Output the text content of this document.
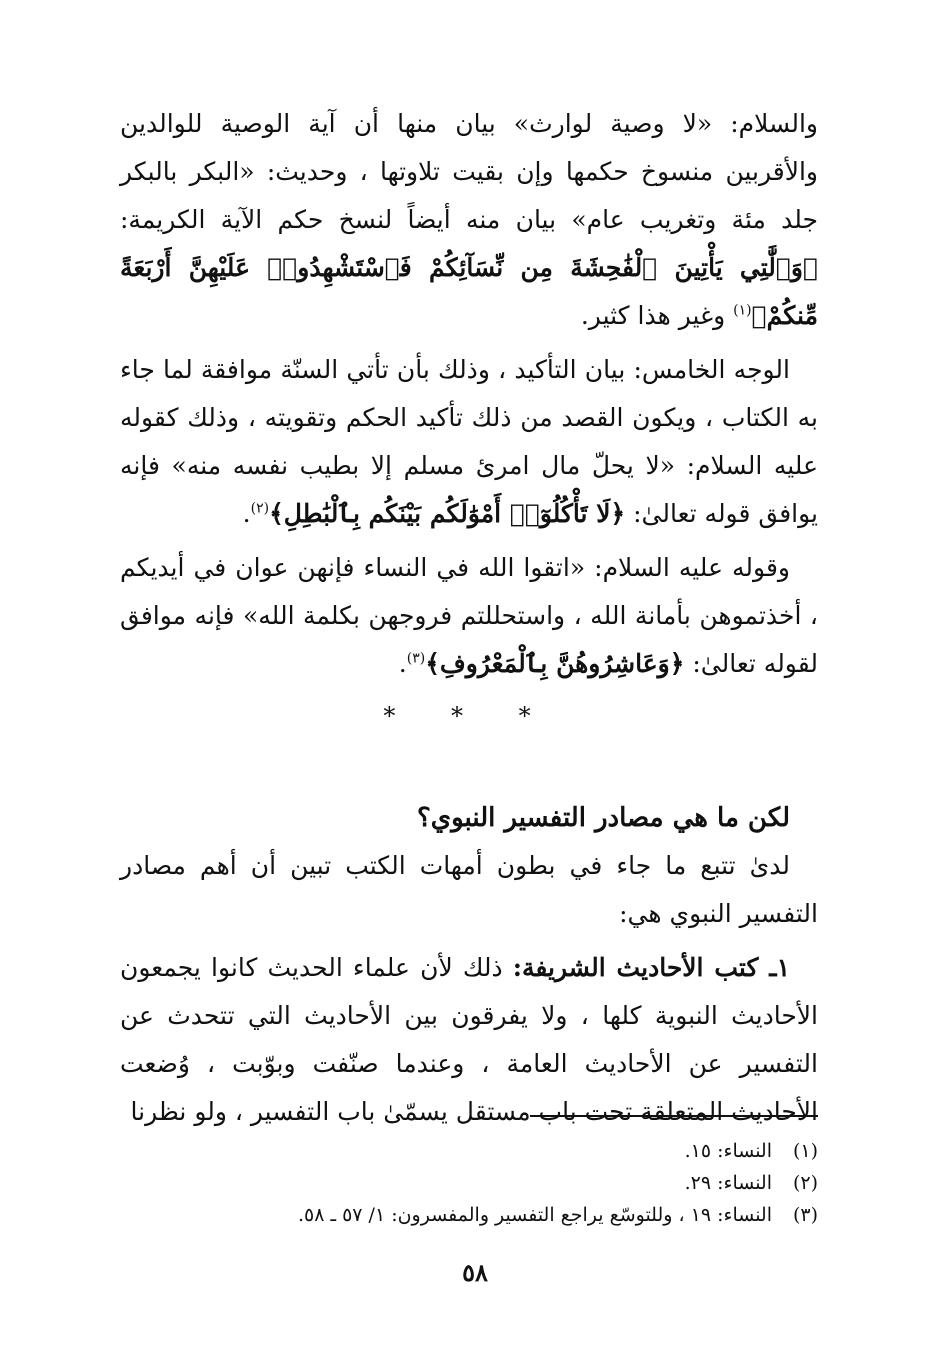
والسلام: «لا وصية لوارث» بيان منها أن آية الوصية للوالدين والأقربين منسوخ حكمها وإن بقيت تلاوتها ، وحديث: «البكر بالبكر جلد مئة وتغريب عام» بيان منه أيضاً لنسخ حكم الآية الكريمة: ﴿وَٱلَّٰتِي يَأْتِينَ ٱلْفَٰحِشَةَ مِن نِّسَآئِكُمْ فَٱسْتَشْهِدُوا۟ عَلَيْهِنَّ أَرْبَعَةً مِّنكُمْ﴾$^{(١)}$ وغير هذا كثير.

الوجه الخامس: بيان التأكيد ، وذلك بأن تأتي السنّة موافقة لما جاء به الكتاب ، ويكون القصد من ذلك تأكيد الحكم وتقويته ، وذلك كقوله عليه السلام: «لا يحلّ مال امرئ مسلم إلا بطيب نفسه منه» فإنه يوافق قوله تعالىٰ: ﴿لَا تَأْكُلُوٓا۟ أَمْوَٰلَكُم بَيْنَكُم بِٱلْبَٰطِلِ﴾$^{(٢)}$.

وقوله عليه السلام: «اتقوا الله في النساء فإنهن عوان في أيديكم ، أخذتموهن بأمانة الله ، واستحللتم فروجهن بكلمة الله» فإنه موافق لقوله تعالىٰ: ﴿وَعَاشِرُوهُنَّ بِٱلْمَعْرُوفِ﴾$^{(٣)}$.

* * *
لكن ما هي مصادر التفسير النبوي؟

لدىٰ تتبع ما جاء في بطون أمهات الكتب تبين أن أهم مصادر التفسير النبوي هي:

١ـ كتب الأحاديث الشريفة: ذلك لأن علماء الحديث كانوا يجمعون الأحاديث النبوية كلها ، ولا يفرقون بين الأحاديث التي تتحدث عن التفسير عن الأحاديث العامة ، وعندما صنّفت وبوّبت ، وُضعت الأحاديث المتعلقة تحت باب مستقل يسمّىٰ باب التفسير ، ولو نظرنا

(١)النساء: ١٥.
(٢)النساء: ٢٩.
(٣)النساء: ١٩ ، وللتوسّع يراجع التفسير والمفسرون: ١/ ٥٧ ـ ٥٨.
٥٨
